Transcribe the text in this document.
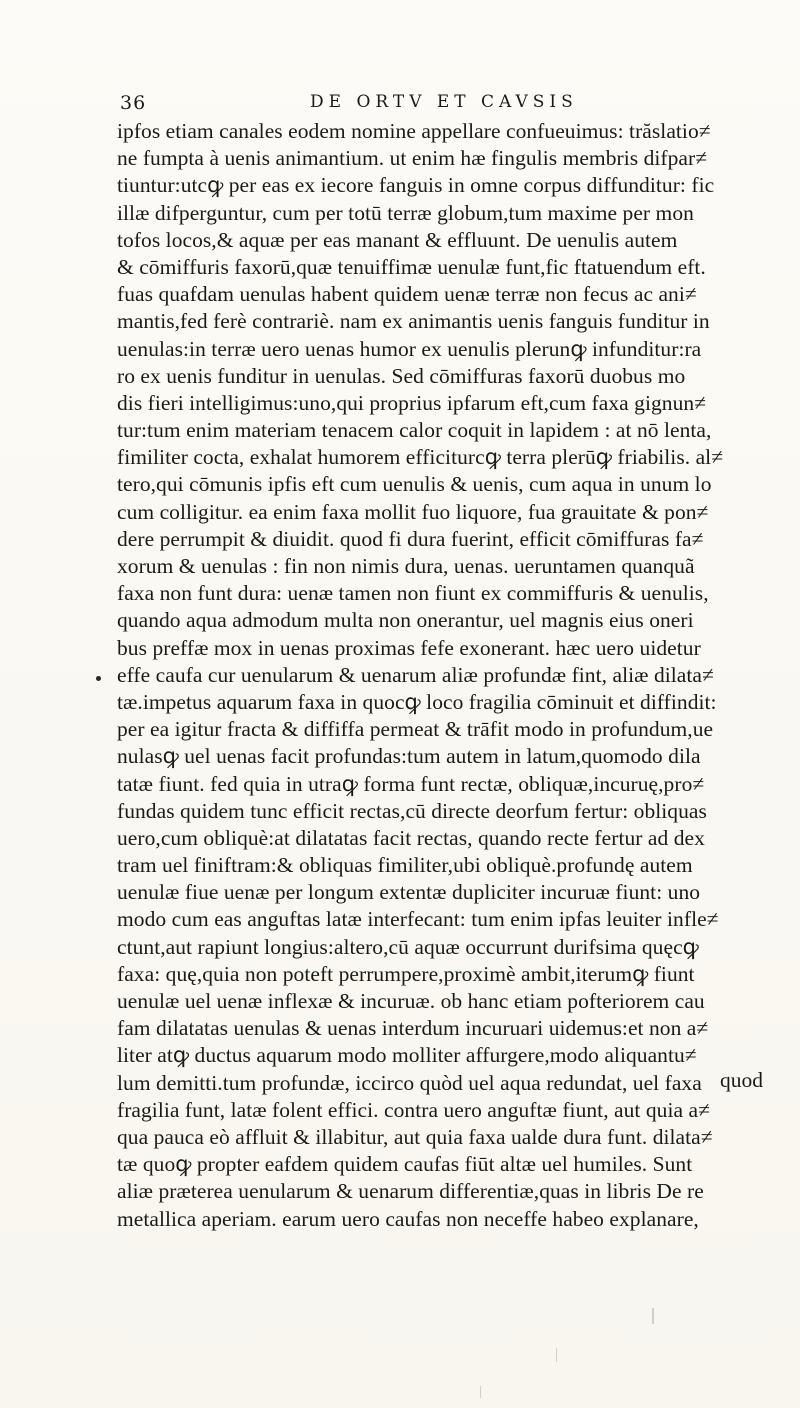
36	DE ORTV ET CAVSIS
ipfos etiam canales eodem nomine appellare confueuimus: trăslatio≠
ne fumpta à uenis animantium. ut enim hæ fingulis membris difpar≠
tiuntur:utcꝙ per eas ex iecore fanguis in omne corpus diffunditur: fic
illæ difperguntur, cum per totū terræ globum,tum maxime per mon
tofos locos,& aquæ per eas manant & effluunt. De uenulis autem
& cōmiffuris faxorū,quæ tenuiffimæ uenulæ funt,fic ftatuendum eft.
fuas quafdam uenulas habent quidem uenæ terræ non fecus ac ani≠
mantis,fed ferè contrariè. nam ex animantis uenis fanguis funditur in
uenulas:in terræ uero uenas humor ex uenulis plerunꝙ infunditur:ra
ro ex uenis funditur in uenulas. Sed cōmiffuras faxorū duobus mo
dis fieri intelligimus:uno,qui proprius ipfarum eft,cum faxa gignun≠
tur:tum enim materiam tenacem calor coquit in lapidem : at nō lenta,
fimiliter cocta, exhalat humorem efficiturcꝙ terra plerūꝙ friabilis. al≠
tero,qui cōmunis ipfis eft cum uenulis & uenis, cum aqua in unum lo
cum colligitur. ea enim faxa mollit fuo liquore, fua grauitate & pon≠
dere perrumpit & diuidit. quod fi dura fuerint, efficit cōmiffuras fa≠
xorum & uenulas : fin non nimis dura, uenas. ueruntamen quanquã
faxa non funt dura: uenæ tamen non fiunt ex commiffuris & uenulis,
quando aqua admodum multa non onerantur, uel magnis eius oneri
bus preffæ mox in uenas proximas fefe exonerant. hæc uero uidetur
effe caufa cur uenularum & uenarum aliæ profundæ fint, aliæ dilata≠
tæ.impetus aquarum faxa in quocꝙ loco fragilia cōminuit et diffindit:
per ea igitur fracta & diffiffa permeat & trāfit modo in profundum,ue
nulasꝙ uel uenas facit profundas:tum autem in latum,quomodo dila
tatæ fiunt. fed quia in utraꝙ forma funt rectæ, obliquæ,incuruę,pro≠
fundas quidem tunc efficit rectas,cū directe deorfum fertur: obliquas
uero,cum obliquè:at dilatatas facit rectas, quando recte fertur ad dex
tram uel finiftram:& obliquas fimiliter,ubi obliquè.profundę autem
uenulæ fiue uenæ per longum extentæ dupliciter incuruæ fiunt: uno
modo cum eas anguftas latæ interfecant: tum enim ipfas leuiter infle≠
ctunt,aut rapiunt longius:altero,cū aquæ occurrunt durifsima quęcꝙ
faxa: quę,quia non poteft perrumpere,proximè ambit,iterumꝙ fiunt
uenulæ uel uenæ inflexæ & incuruæ. ob hanc etiam pofteriorem cau
fam dilatatas uenulas & uenas interdum incuruari uidemus:et non a≠
liter atꝙ ductus aquarum modo molliter affurgere,modo aliquantu≠
lum demitti.tum profundæ, iccirco quòd uel aqua redundat, uel faxa
fragilia funt, latæ folent effici. contra uero anguftæ fiunt, aut quia a≠
qua pauca eò affluit & illabitur, aut quia faxa ualde dura funt. dilata≠
tæ quoꝙ propter eafdem quidem caufas fiūt altæ uel humiles. Sunt
aliæ præterea uenularum & uenarum differentiæ,quas in libris De re
metallica aperiam. earum uero caufas non neceffe habeo explanare,
quod
